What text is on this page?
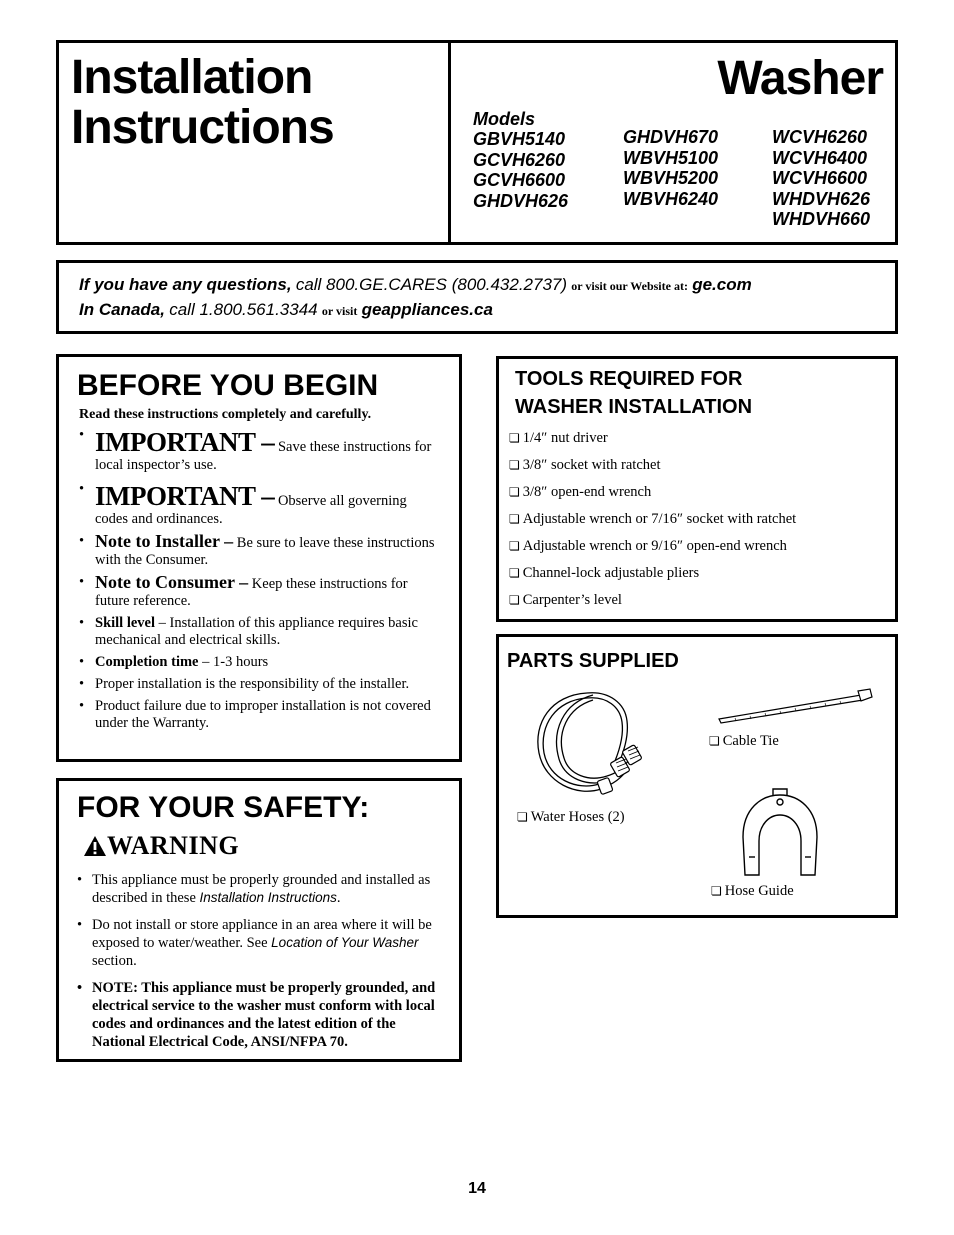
Installation
Instructions
Washer
Models
GBVH5140
GCVH6260
GCVH6600
GHDVH626
GHDVH670
WBVH5100
WBVH5200
WBVH6240
WCVH6260
WCVH6400
WCVH6600
WHDVH626
WHDVH660
If you have any questions, call 800.GE.CARES (800.432.2737) or visit our Website at: ge.com
In Canada, call 1.800.561.3344 or visit geappliances.ca
BEFORE YOU BEGIN
Read these instructions completely and carefully.
• IMPORTANT – Save these instructions for local inspector’s use.
• IMPORTANT – Observe all governing codes and ordinances.
• Note to Installer – Be sure to leave these instructions with the Consumer.
• Note to Consumer – Keep these instructions for future reference.
• Skill level – Installation of this appliance requires basic mechanical and electrical skills.
• Completion time – 1-3 hours
• Proper installation is the responsibility of the installer.
• Product failure due to improper installation is not covered under the Warranty.
FOR YOUR SAFETY:
WARNING
• This appliance must be properly grounded and installed as described in these Installation Instructions.
• Do not install or store appliance in an area where it will be exposed to water/weather. See Location of Your Washer section.
• NOTE: This appliance must be properly grounded, and electrical service to the washer must conform with local codes and ordinances and the latest edition of the National Electrical Code, ANSI/NFPA 70.
TOOLS REQUIRED FOR
WASHER INSTALLATION
❏ 1/4″ nut driver
❏ 3/8″ socket with ratchet
❏ 3/8″ open-end wrench
❏ Adjustable wrench or 7/16″ socket with ratchet
❏ Adjustable wrench or 9/16″ open-end wrench
❏ Channel-lock adjustable pliers
❏ Carpenter’s level
PARTS SUPPLIED
❏ Water Hoses (2)
❏ Cable Tie
❏ Hose Guide
14
